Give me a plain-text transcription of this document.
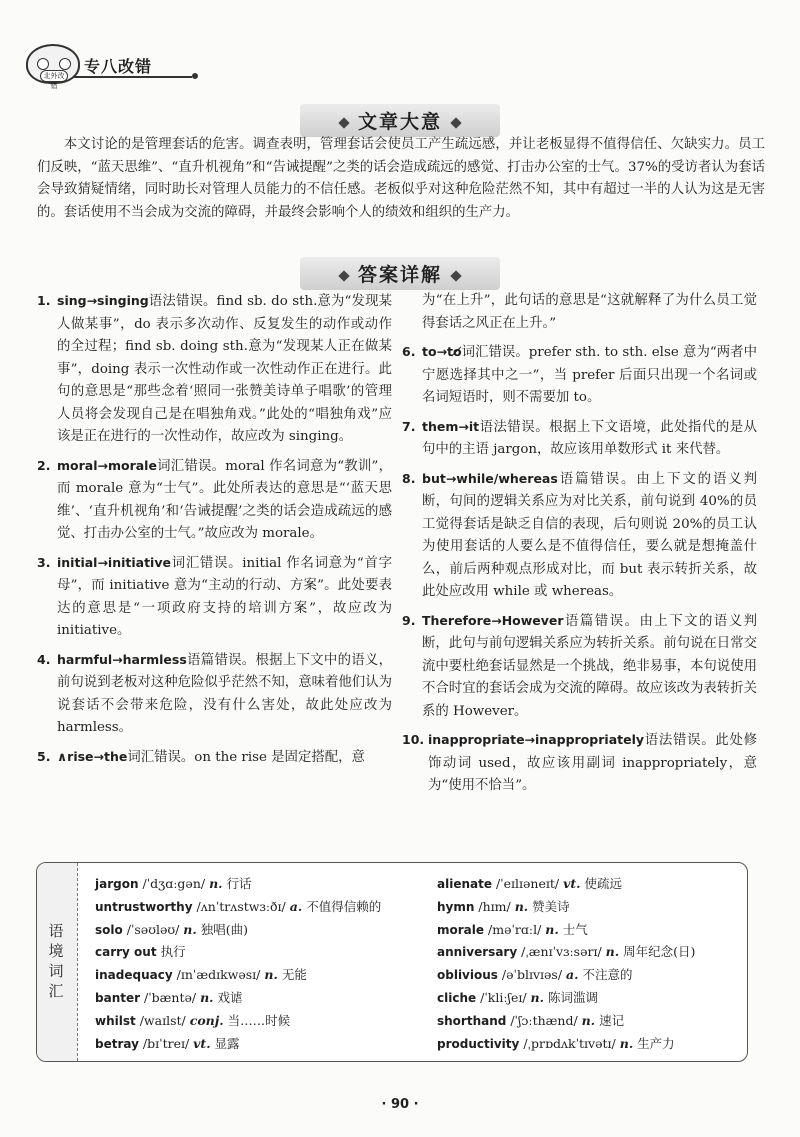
北外改错
专八改错
文章大意
本文讨论的是管理套话的危害。调查表明，管理套话会使员工产生疏远感，并让老板显得不值得信任、欠缺实力。员工们反映，“蓝天思维”、“直升机视角”和“告诫提醒”之类的话会造成疏远的感觉、打击办公室的士气。37%的受访者认为套话会导致猜疑情绪，同时助长对管理人员能力的不信任感。老板似乎对这种危险茫然不知，其中有超过一半的人认为这是无害的。套话使用不当会成为交流的障碍，并最终会影响个人的绩效和组织的生产力。
答案详解
1. sing→singing语法错误。find sb. do sth.意为“发现某人做某事”，do 表示多次动作、反复发生的动作或动作的全过程；find sb. doing sth.意为“发现某人正在做某事”，doing 表示一次性动作或一次性动作正在进行。此句的意思是“那些念着‘照同一张赞美诗单子唱歌’的管理人员将会发现自己是在唱独角戏。”此处的“唱独角戏”应该是正在进行的一次性动作，故应改为 singing。
2. moral→morale词汇错误。moral 作名词意为“教训”，而 morale 意为“士气”。此处所表达的意思是“‘蓝天思维’、‘直升机视角’和‘告诫提醒’之类的话会造成疏远的感觉、打击办公室的士气。”故应改为 morale。
3. initial→initiative词汇错误。initial 作名词意为“首字母”，而 initiative 意为“主动的行动、方案”。此处要表达的意思是“一项政府支持的培训方案”，故应改为 initiative。
4. harmful→harmless语篇错误。根据上下文中的语义，前句说到老板对这种危险似乎茫然不知，意味着他们认为说套话不会带来危险，没有什么害处，故此处应改为 harmless。
5. ∧rise→the词汇错误。on the rise 是固定搭配，意
为“在上升”，此句话的意思是“这就解释了为什么员工觉得套话之风正在上升。”
6. to→to̸词汇错误。prefer sth. to sth. else 意为“两者中宁愿选择其中之一”，当 prefer 后面只出现一个名词或名词短语时，则不需要加 to。
7. them→it语法错误。根据上下文语境，此处指代的是从句中的主语 jargon，故应该用单数形式 it 来代替。
8. but→while/whereas语篇错误。由上下文的语义判断，句间的逻辑关系应为对比关系，前句说到 40%的员工觉得套话是缺乏自信的表现，后句则说 20%的员工认为使用套话的人要么是不值得信任，要么就是想掩盖什么，前后两种观点形成对比，而 but 表示转折关系，故此处应改用 while 或 whereas。
9. Therefore→However语篇错误。由上下文的语义判断，此句与前句逻辑关系应为转折关系。前句说在日常交流中要杜绝套话显然是一个挑战，绝非易事，本句说使用不合时宜的套话会成为交流的障碍。故应该改为表转折关系的 However。
10. inappropriate→inappropriately语法错误。此处修饰动词 used，故应该用副词 inappropriately，意为“使用不恰当”。
语境词汇
jargon /ˈdʒɑːgən/ n. 行话
untrustworthy /ʌnˈtrʌstwɜːðɪ/ a. 不值得信赖的
solo /ˈsəʊləʊ/ n. 独唱(曲)
carry out 执行
inadequacy /ɪnˈædɪkwəsɪ/ n. 无能
banter /ˈbæntə/ n. 戏谑
whilst /waɪlst/ conj. 当……时候
betray /bɪˈtreɪ/ vt. 显露
alienate /ˈeɪlɪəneɪt/ vt. 使疏远
hymn /hɪm/ n. 赞美诗
morale /məˈrɑːl/ n. 士气
anniversary /ˌænɪˈvɜːsərɪ/ n. 周年纪念(日)
oblivious /əˈblɪvɪəs/ a. 不注意的
cliche /ˈkliːʃeɪ/ n. 陈词滥调
shorthand /ˈʃɔːthænd/ n. 速记
productivity /ˌprɒdʌkˈtɪvətɪ/ n. 生产力
· 90 ·
